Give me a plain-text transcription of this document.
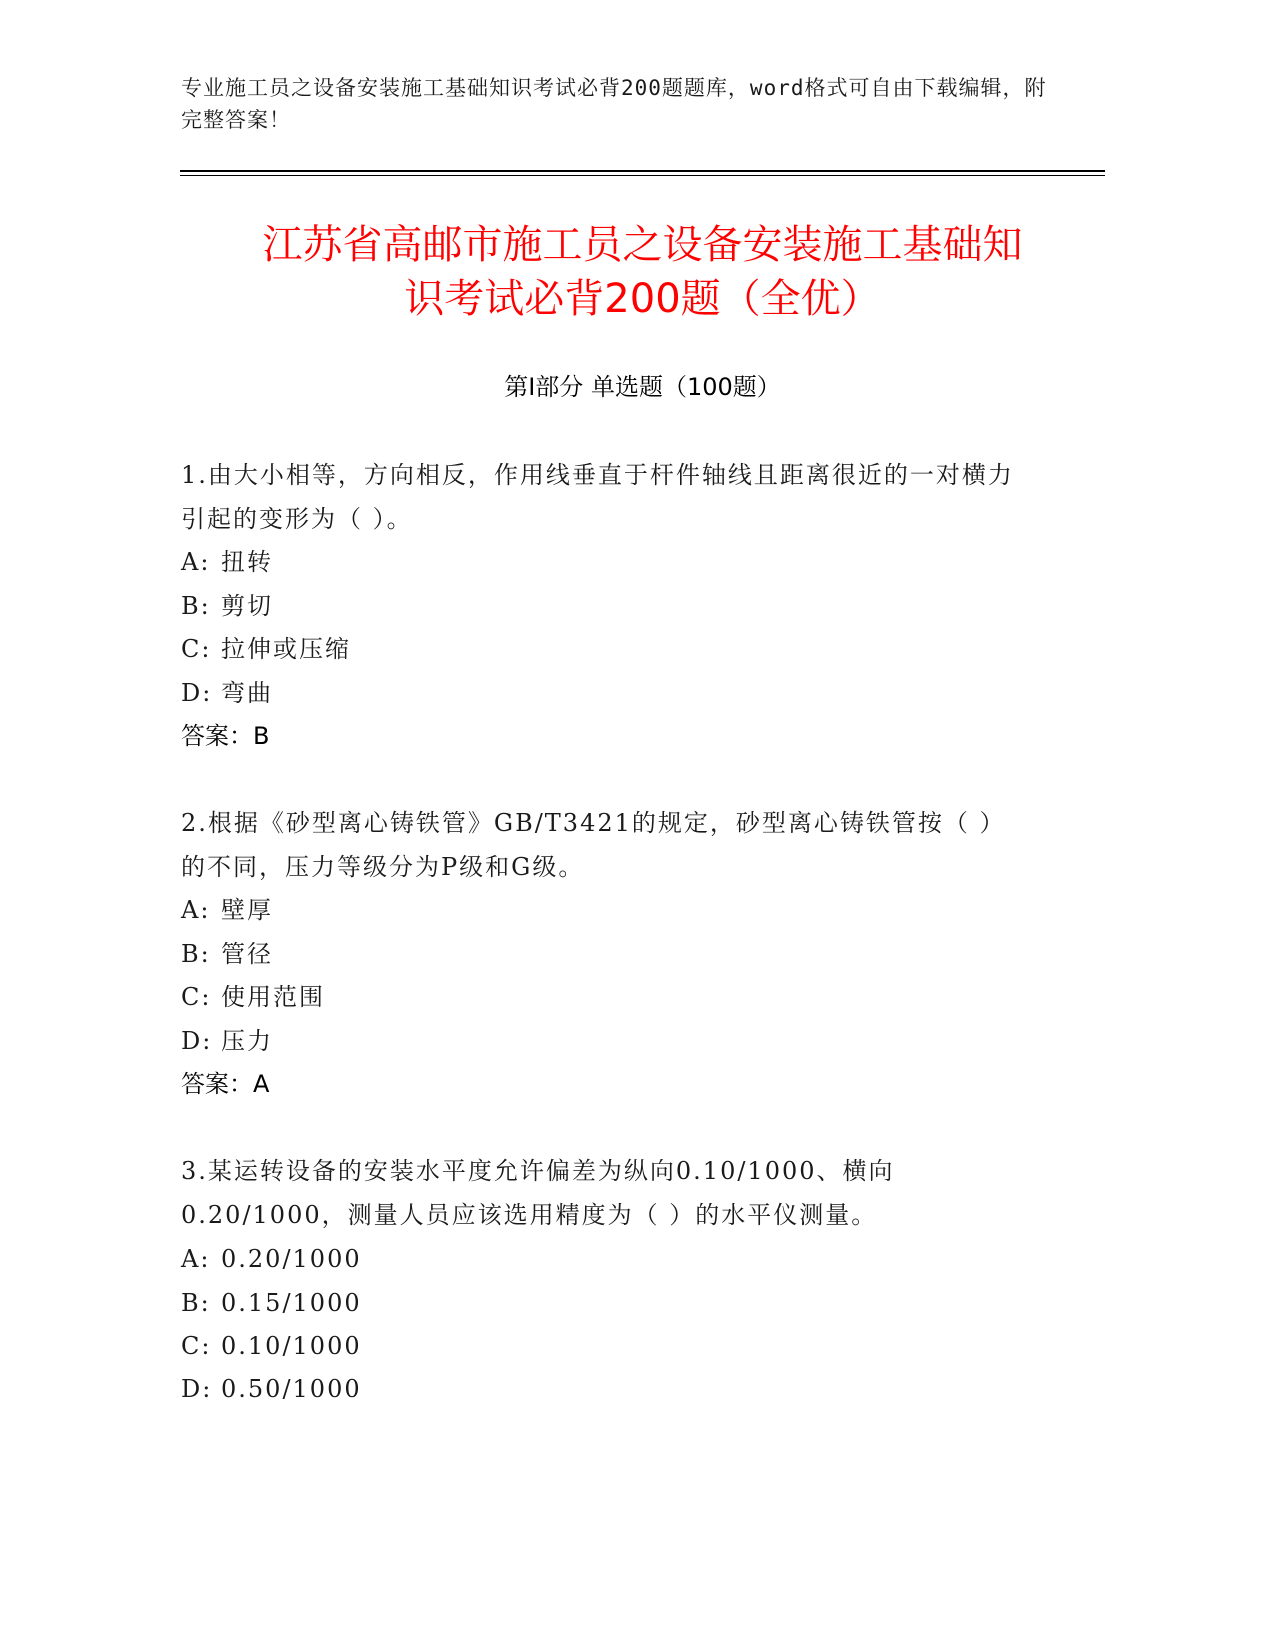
专业施工员之设备安装施工基础知识考试必背200题题库，word格式可自由下载编辑，附完整答案！
江苏省高邮市施工员之设备安装施工基础知
识考试必背200题（全优）
第I部分 单选题（100题）
1.由大小相等，方向相反，作用线垂直于杆件轴线且距离很近的一对横力引起的变形为（ ）。
A: 扭转
B: 剪切
C: 拉伸或压缩
D: 弯曲
答案：B
2.根据《砂型离心铸铁管》GB/T3421的规定，砂型离心铸铁管按（ ）的不同，压力等级分为P级和G级。
A: 壁厚
B: 管径
C: 使用范围
D: 压力
答案：A
3.某运转设备的安装水平度允许偏差为纵向0.10/1000、横向0.20/1000，测量人员应该选用精度为（ ）的水平仪测量。
A: 0.20/1000
B: 0.15/1000
C: 0.10/1000
D: 0.50/1000
